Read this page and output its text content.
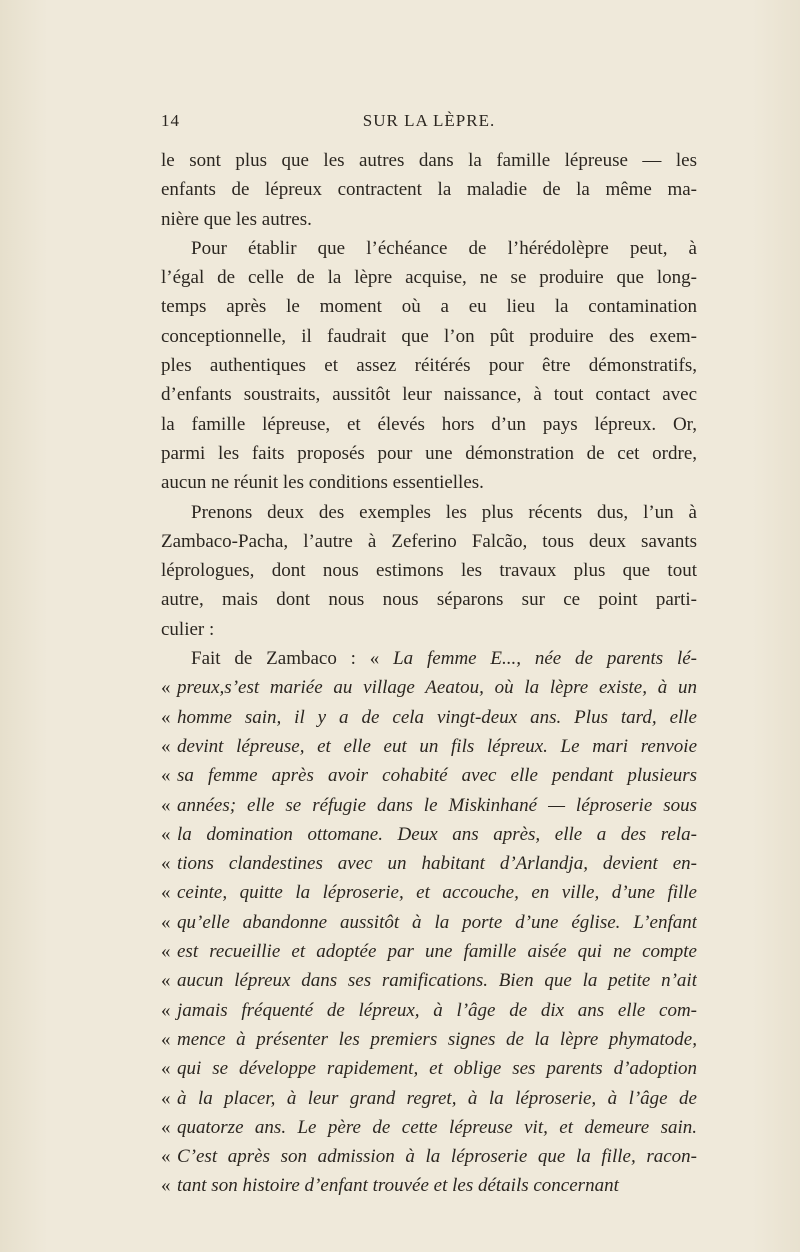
14	SUR LA LÈPRE.
le sont plus que les autres dans la famille lépreuse — les
enfants de lépreux contractent la maladie de la même ma-
nière que les autres.
Pour établir que l’échéance de l’hérédolèpre peut, à
l’égal de celle de la lèpre acquise, ne se produire que long-
temps après le moment où a eu lieu la contamination
conceptionnelle, il faudrait que l’on pût produire des exem-
ples authentiques et assez réitérés pour être démonstratifs,
d’enfants soustraits, aussitôt leur naissance, à tout contact avec
la famille lépreuse, et élevés hors d’un pays lépreux. Or,
parmi les faits proposés pour une démonstration de cet ordre,
aucun ne réunit les conditions essentielles.
Prenons deux des exemples les plus récents dus, l’un à
Zambaco-Pacha, l’autre à Zeferino Falcão, tous deux savants
léprologues, dont nous estimons les travaux plus que tout
autre, mais dont nous nous séparons sur ce point parti-
culier :
Fait de Zambaco : « La femme E..., née de parents lé-
« preux,s’est mariée au village Aeatou, où la lèpre existe, à un
« homme sain, il y a de cela vingt-deux ans. Plus tard, elle
« devint lépreuse, et elle eut un fils lépreux. Le mari renvoie
« sa femme après avoir cohabité avec elle pendant plusieurs
« années; elle se réfugie dans le Miskinhané — léproserie sous
« la domination ottomane. Deux ans après, elle a des rela-
« tions clandestines avec un habitant d’Arlandja, devient en-
« ceinte, quitte la léproserie, et accouche, en ville, d’une fille
« qu’elle abandonne aussitôt à la porte d’une église. L’enfant
« est recueillie et adoptée par une famille aisée qui ne compte
« aucun lépreux dans ses ramifications. Bien que la petite n’ait
« jamais fréquenté de lépreux, à l’âge de dix ans elle com-
« mence à présenter les premiers signes de la lèpre phymatode,
« qui se développe rapidement, et oblige ses parents d’adoption
« à la placer, à leur grand regret, à la léproserie, à l’âge de
« quatorze ans. Le père de cette lépreuse vit, et demeure sain.
« C’est après son admission à la léproserie que la fille, racon-
« tant son histoire d’enfant trouvée et les détails concernant
